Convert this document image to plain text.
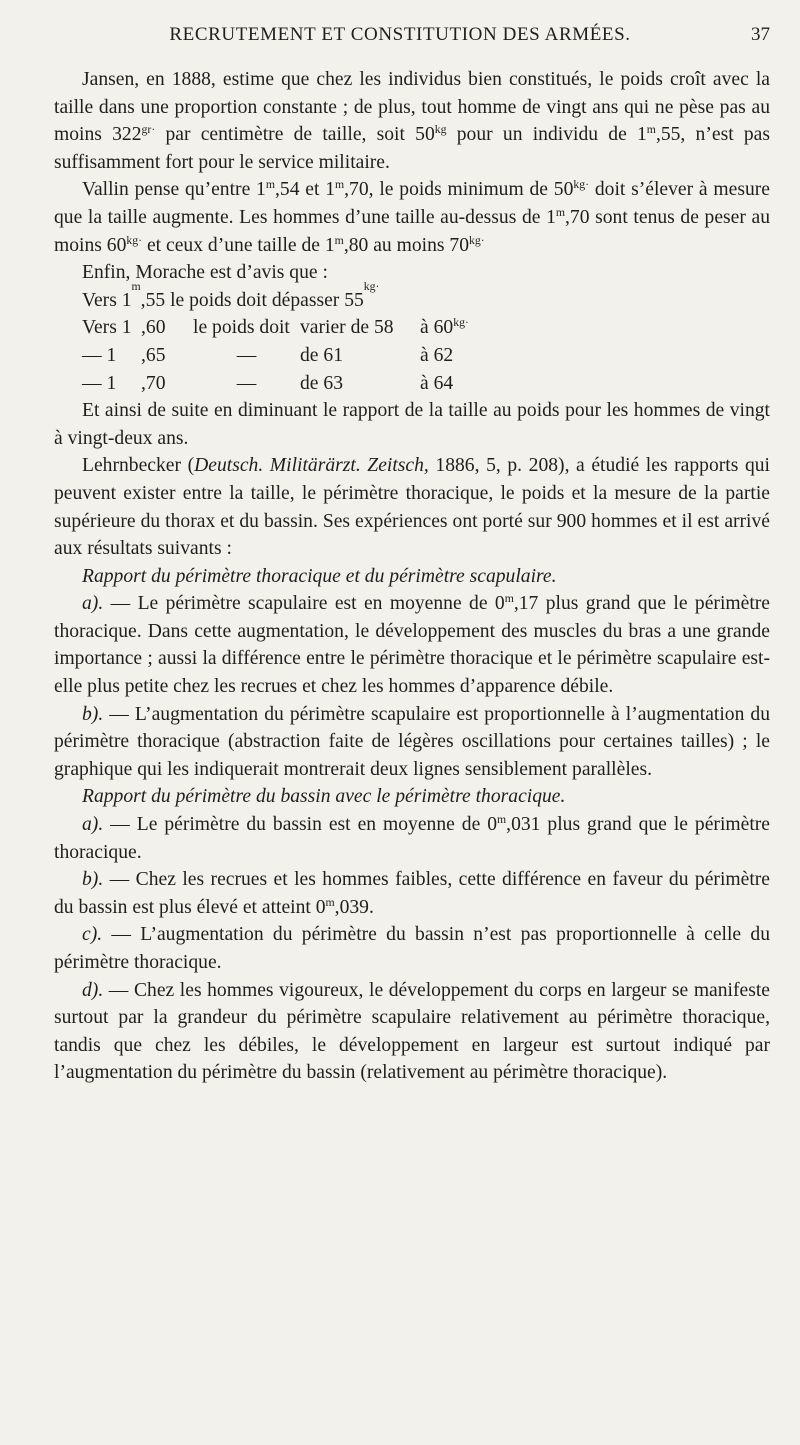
RECRUTEMENT ET CONSTITUTION DES ARMÉES.	37

Jansen, en 1888, estime que chez les individus bien constitués, le poids croît avec la taille dans une proportion constante ; de plus, tout homme de vingt ans qui ne pèse pas au moins $322^{gr\cdot}$ par centimètre de taille, soit $50^{kg}$ pour un individu de 1$^m$,55, n’est pas suffisamment fort pour le service militaire.

Vallin pense qu’entre 1$^m$,54 et 1$^m$,70, le poids minimum de $50^{kg\cdot}$ doit s’élever à mesure que la taille augmente. Les hommes d’une taille au-dessus de 1$^m$,70 sont tenus de peser au moins $60^{kg\cdot}$ et ceux d’une taille de 1$^m$,80 au moins $70^{kg\cdot}$

Enfin, Morache est d’avis que :

Vers 1
m
,55 le poids doit dépasser 55
kg·
Vers 1 ,60	le poids doit varier de 58	à $60^{kg\cdot}$
— 1	,65	—	de 61	à 62
— 1	,70	—	de 63	à 64

Et ainsi de suite en diminuant le rapport de la taille au poids pour les hommes de vingt à vingt-deux ans.

Lehrnbecker (Deutsch. Militärärzt. Zeitsch, 1886, 5, p. 208), a étudié les rapports qui peuvent exister entre la taille, le périmètre thoracique, le poids et la mesure de la partie supérieure du thorax et du bassin. Ses expériences ont porté sur 900 hommes et il est arrivé aux résultats suivants :

Rapport du périmètre thoracique et du périmètre scapulaire.

a). — Le périmètre scapulaire est en moyenne de 0$^m$,17 plus grand que le périmètre thoracique. Dans cette augmentation, le développement des muscles du bras a une grande importance ; aussi la différence entre le périmètre thoracique et le périmètre scapulaire est-elle plus petite chez les recrues et chez les hommes d’apparence débile.

b). — L’augmentation du périmètre scapulaire est proportionnelle à l’augmentation du périmètre thoracique (abstraction faite de légères oscillations pour certaines tailles) ; le graphique qui les indiquerait montrerait deux lignes sensiblement parallèles.

Rapport du périmètre du bassin avec le périmètre thoracique.

a). — Le périmètre du bassin est en moyenne de 0$^m$,031 plus grand que le périmètre thoracique.

b). — Chez les recrues et les hommes faibles, cette différence en faveur du périmètre du bassin est plus élevé et atteint 0$^m$,039.

c). — L’augmentation du périmètre du bassin n’est pas proportionnelle à celle du périmètre thoracique.

d). — Chez les hommes vigoureux, le développement du corps en largeur se manifeste surtout par la grandeur du périmètre scapulaire relativement au périmètre thoracique, tandis que chez les débiles, le développement en largeur est surtout indiqué par l’augmentation du périmètre du bassin (relativement au périmètre thoracique).
